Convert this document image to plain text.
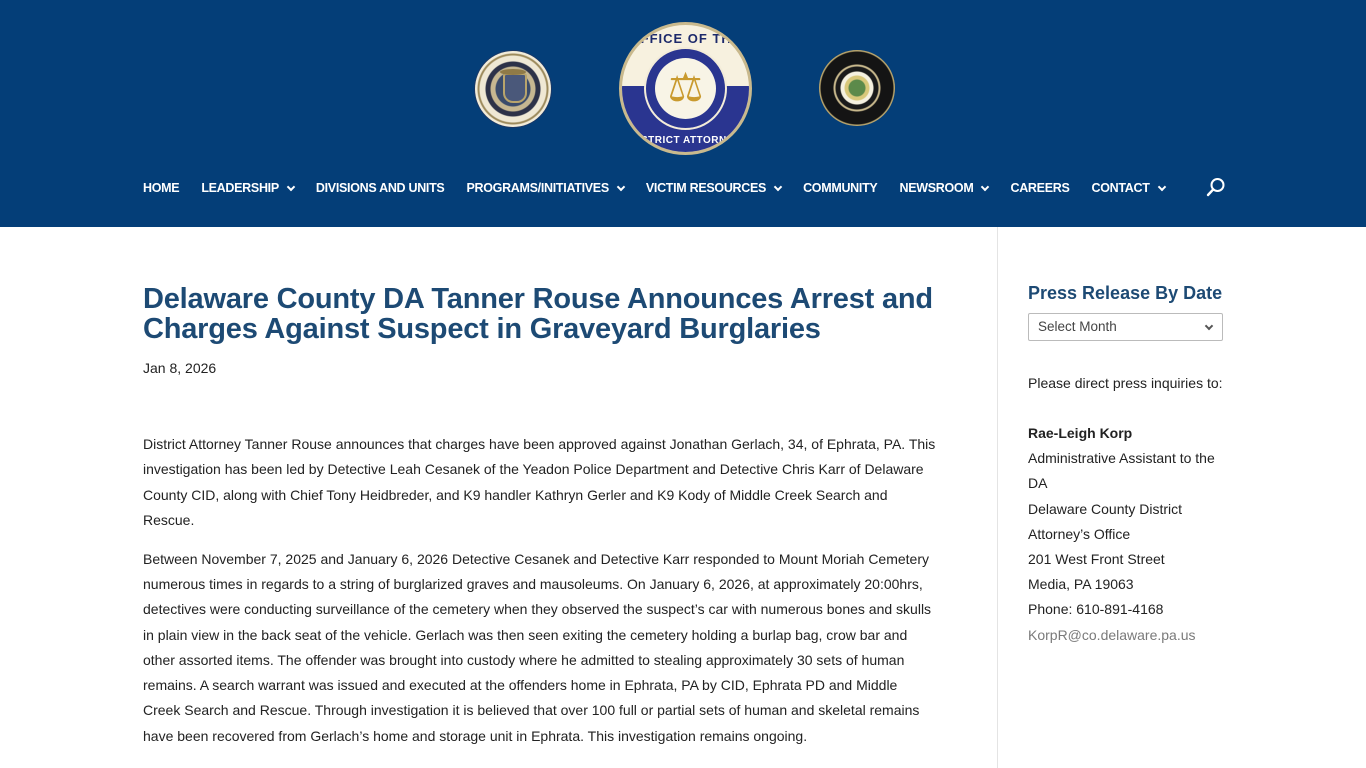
OFFICE OF THE
⚖
DISTRICT ATTORNEY
HOME LEADERSHIP	DIVISIONS AND UNITS PROGRAMS/INITIATIVES	VICTIM RESOURCES	COMMUNITY NEWSROOM	CAREERS CONTACT
Delaware County DA Tanner Rouse Announces Arrest and Charges Against Suspect in Graveyard Burglaries
Jan 8, 2026

District Attorney Tanner Rouse announces that charges have been approved against Jonathan Gerlach, 34, of Ephrata, PA. This investigation has been led by Detective Leah Cesanek of the Yeadon Police Department and Detective Chris Karr of Delaware County CID, along with Chief Tony Heidbreder, and K9 handler Kathryn Gerler and K9 Kody of Middle Creek Search and Rescue.

Between November 7, 2025 and January 6, 2026 Detective Cesanek and Detective Karr responded to Mount Moriah Cemetery numerous times in regards to a string of burglarized graves and mausoleums. On January 6, 2026, at approximately 20:00hrs, detectives were conducting surveillance of the cemetery when they observed the suspect’s car with numerous bones and skulls in plain view in the back seat of the vehicle. Gerlach was then seen exiting the cemetery holding a burlap bag, crow bar and other assorted items. The offender was brought into custody where he admitted to stealing approximately 30 sets of human remains. A search warrant was issued and executed at the offenders home in Ephrata, PA by CID, Ephrata PD and Middle Creek Search and Rescue. Through investigation it is believed that over 100 full or partial sets of human and skeletal remains have been recovered from Gerlach’s home and storage unit in Ephrata. This investigation remains ongoing.

Press Release By Date
Select Month
Please direct press inquiries to:
Rae-Leigh Korp
Administrative Assistant to the
DA
Delaware County District
Attorney’s Office
201 West Front Street
Media, PA 19063
Phone: 610-891-4168
KorpR@co.delaware.pa.us
